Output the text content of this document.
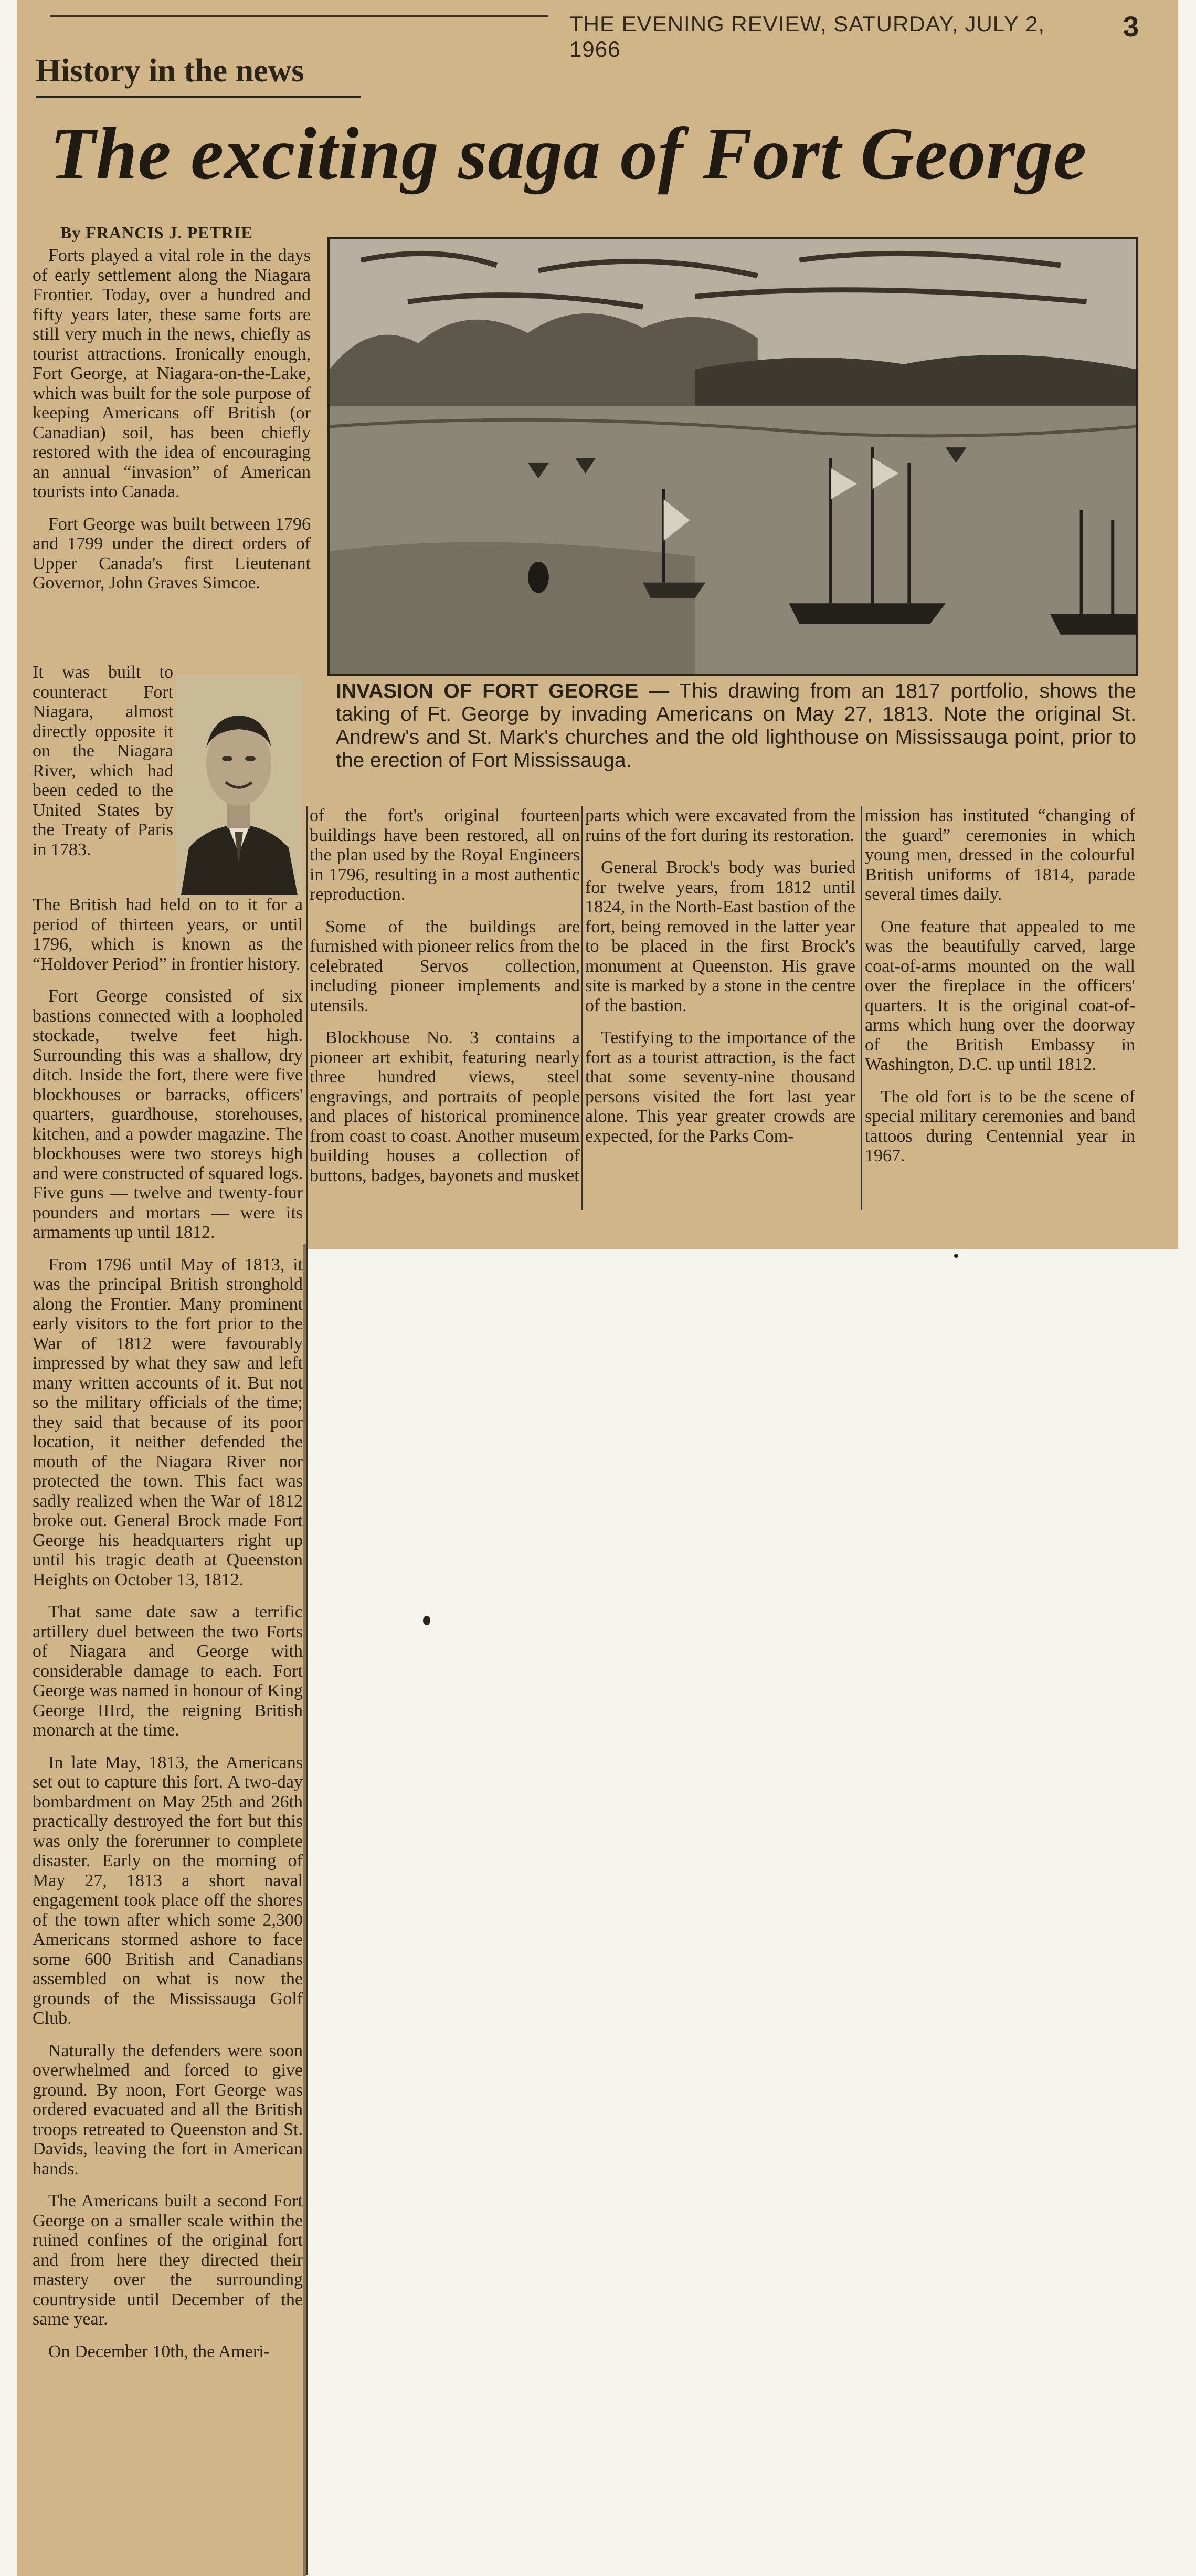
THE EVENING REVIEW, SATURDAY, JULY 2, 1966
3
History in the news
The exciting saga of Fort George
By FRANCIS J. PETRIE

Forts played a vital role in the days of early settlement along the Niagara Frontier. Today, over a hundred and fifty years later, these same forts are still very much in the news, chiefly as tourist attractions. Ironically enough, Fort George, at Niagara-on-the-Lake, which was built for the sole purpose of keeping Americans off British (or Canadian) soil, has been chiefly restored with the idea of encouraging an annual “invasion” of American tourists into Canada.

Fort George was built between 1796 and 1799 under the direct orders of Upper Canada's first Lieutenant Governor, John Graves Simcoe.

It was built to counteract Fort Niagara, almost directly opposite it on the Niagara River, which had been ceded to the United States by the Treaty of Paris in 1783.

The British had held on to it for a period of thirteen years, or until 1796, which is known as the “Holdover Period” in frontier history.

Fort George consisted of six bastions connected with a loopholed stockade, twelve feet high. Surrounding this was a shallow, dry ditch. Inside the fort, there were five blockhouses or barracks, officers' quarters, guardhouse, storehouses, kitchen, and a powder magazine. The blockhouses were two storeys high and were constructed of squared logs. Five guns — twelve and twenty-four pounders and mortars — were its armaments up until 1812.

From 1796 until May of 1813, it was the principal British stronghold along the Frontier. Many prominent early visitors to the fort prior to the War of 1812 were favourably impressed by what they saw and left many written accounts of it. But not so the military officials of the time; they said that because of its poor location, it neither defended the mouth of the Niagara River nor protected the town. This fact was sadly realized when the War of 1812 broke out. General Brock made Fort George his headquarters right up until his tragic death at Queenston Heights on October 13, 1812.

That same date saw a terrific artillery duel between the two Forts of Niagara and George with considerable damage to each. Fort George was named in honour of King George IIIrd, the reigning British monarch at the time.

In late May, 1813, the Americans set out to capture this fort. A two-day bombardment on May 25th and 26th practically destroyed the fort but this was only the forerunner to complete disaster. Early on the morning of May 27, 1813 a short naval engagement took place off the shores of the town after which some 2,300 Americans stormed ashore to face some 600 British and Canadians assembled on what is now the grounds of the Mississauga Golf Club.

Naturally the defenders were soon overwhelmed and forced to give ground. By noon, Fort George was ordered evacuated and all the British troops retreated to Queenston and St. Davids, leaving the fort in American hands.

The Americans built a second Fort George on a smaller scale within the ruined confines of the original fort and from here they directed their mastery over the surrounding countryside until December of the same year.

On December 10th, the Ameri-

INVASION OF FORT GEORGE — This drawing from an 1817 portfolio, shows the taking of Ft. George by invading Americans on May 27, 1813. Note the original St. Andrew's and St. Mark's churches and the old lighthouse on Mississauga point, prior to the erection of Fort Mississauga.

of the fort's original fourteen buildings have been restored, all on the plan used by the Royal Engineers in 1796, resulting in a most authentic reproduction.

Some of the buildings are furnished with pioneer relics from the celebrated Servos collection, including pioneer implements and utensils.

Blockhouse No. 3 contains a pioneer art exhibit, featuring nearly three hundred views, steel engravings, and portraits of people and places of historical prominence from coast to coast. Another museum building houses a collection of buttons, badges, bayonets and musket

parts which were excavated from the ruins of the fort during its restoration.

General Brock's body was buried for twelve years, from 1812 until 1824, in the North-East bastion of the fort, being removed in the latter year to be placed in the first Brock's monument at Queenston. His grave site is marked by a stone in the centre of the bastion.

Testifying to the importance of the fort as a tourist attraction, is the fact that some seventy-nine thousand persons visited the fort last year alone. This year greater crowds are expected, for the Parks Com-

mission has instituted “changing of the guard” ceremonies in which young men, dressed in the colourful British uniforms of 1814, parade several times daily.

One feature that appealed to me was the beautifully carved, large coat-of-arms mounted on the wall over the fireplace in the officers' quarters. It is the original coat-of-arms which hung over the doorway of the British Embassy in Washington, D.C. up until 1812.

The old fort is to be the scene of special military ceremonies and band tattoos during Centennial year in 1967.
